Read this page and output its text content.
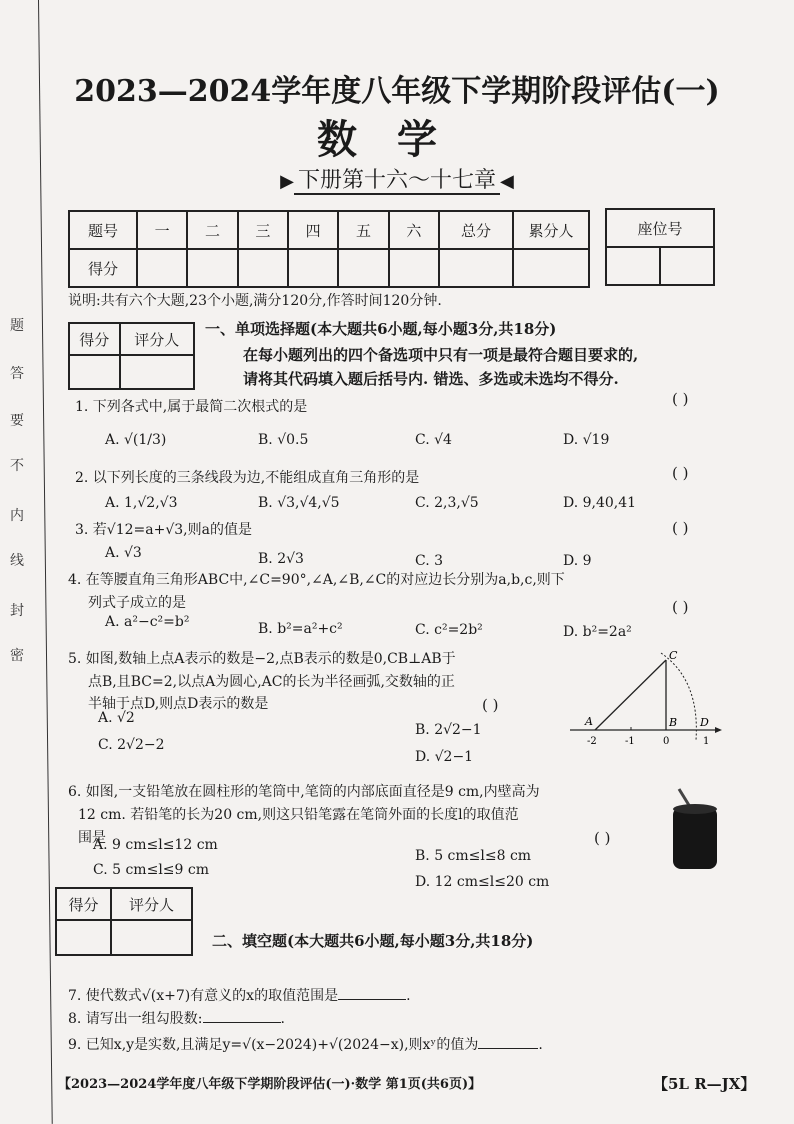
密
封
线
内
不
要
答
题
2023—2024学年度八年级下学期阶段评估(一)
数学
▶ 下册第十六～十七章 ◀
题号	一	二	三	四	五	六	总分	累分人
得分								
座位号

说明:共有六个大题,23个小题,满分120分,作答时间120分钟.
得分	评分人

一、单项选择题(本大题共6小题,每小题3分,共18分)
在每小题列出的四个备选项中只有一项是最符合题目要求的,
请将其代码填入题后括号内. 错选、多选或未选均不得分.
1. 下列各式中,属于最简二次根式的是	( )
A. √(1/3)	B. √0.5	C. √4	D. √19
2. 以下列长度的三条线段为边,不能组成直角三角形的是	( )
A. 1,√2,√3	B. √3,√4,√5	C. 2,3,√5	D. 9,40,41
3. 若√12=a+√3,则a的值是	( )
A. √3	B. 2√3	C. 3	D. 9
4. 在等腰直角三角形ABC中,∠C=90°,∠A,∠B,∠C的对应边长分别为a,b,c,则下
列式子成立的是	( )
A. a²−c²=b²	B. b²=a²+c²	C. c²=2b²	D. b²=2a²
5. 如图,数轴上点A表示的数是−2,点B表示的数是0,CB⊥AB于
点B,且BC=2,以点A为圆心,AC的长为半径画弧,交数轴的正
半轴于点D,则点D表示的数是	( )
A. √2
B. 2√2−1
C. 2√2−2
D. √2−1
A	B
C
D
-2	-1	0	1
6. 如图,一支铅笔放在圆柱形的笔筒中,笔筒的内部底面直径是9 cm,内壁高为
12 cm. 若铅笔的长为20 cm,则这只铅笔露在笔筒外面的长度l的取值范
围是	( )
A. 9 cm≤l≤12 cm
B. 5 cm≤l≤8 cm
C. 5 cm≤l≤9 cm
D. 12 cm≤l≤20 cm
得分	评分人

二、填空题(本大题共6小题,每小题3分,共18分)
7. 使代数式√(x+7)有意义的x的取值范围是	.
8. 请写出一组勾股数:	.
9. 已知x,y是实数,且满足y=√(x−2024)+√(2024−x),则xʸ的值为	.
【2023—2024学年度八年级下学期阶段评估(一)·数学 第1页(共6页)】	【5L R—JX】
